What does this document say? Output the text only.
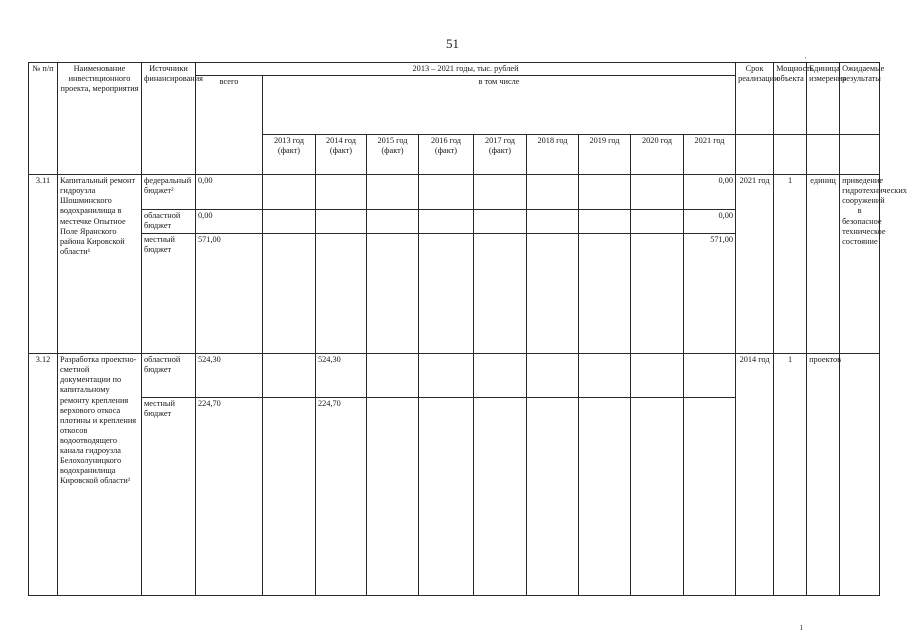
51
ˌ
ı
№ п/п	Наименование инвестиционного проекта, мероприятия	Источники финансирования	2013 – 2021 годы, тыс. рублей										Срок реализации	Мощность объекта	Единица измерения	Ожидаемые результаты
			всего	в том числе												
				2013 год (факт)	2014 год (факт)	2015 год (факт)	2016 год (факт)	2017 год (факт)	2018 год	2019 год	2020 год	2021 год				
3.11	Капитальный ремонт гидроузла Шошминского водохранилища в местечке Опытное Поле Яранского района Кировской области¹	федеральный бюджет²	0,00									0,00	2021 год	1	единиц	приведение гидротехнических сооружений в безопасное техническое состояние
		областной бюджет	0,00									0,00				
		местный бюджет	571,00									571,00				
3.12	Разработка проектно-сметной документации по капитальному ремонту крепления верхового откоса плотины и крепления откосов водоотводящего канала гидроузла Белохолуницкого водохранилища Кировской области¹	областной бюджет	524,30		524,30								2014 год	1	проектов	
		местный бюджет	224,70		224,70											
